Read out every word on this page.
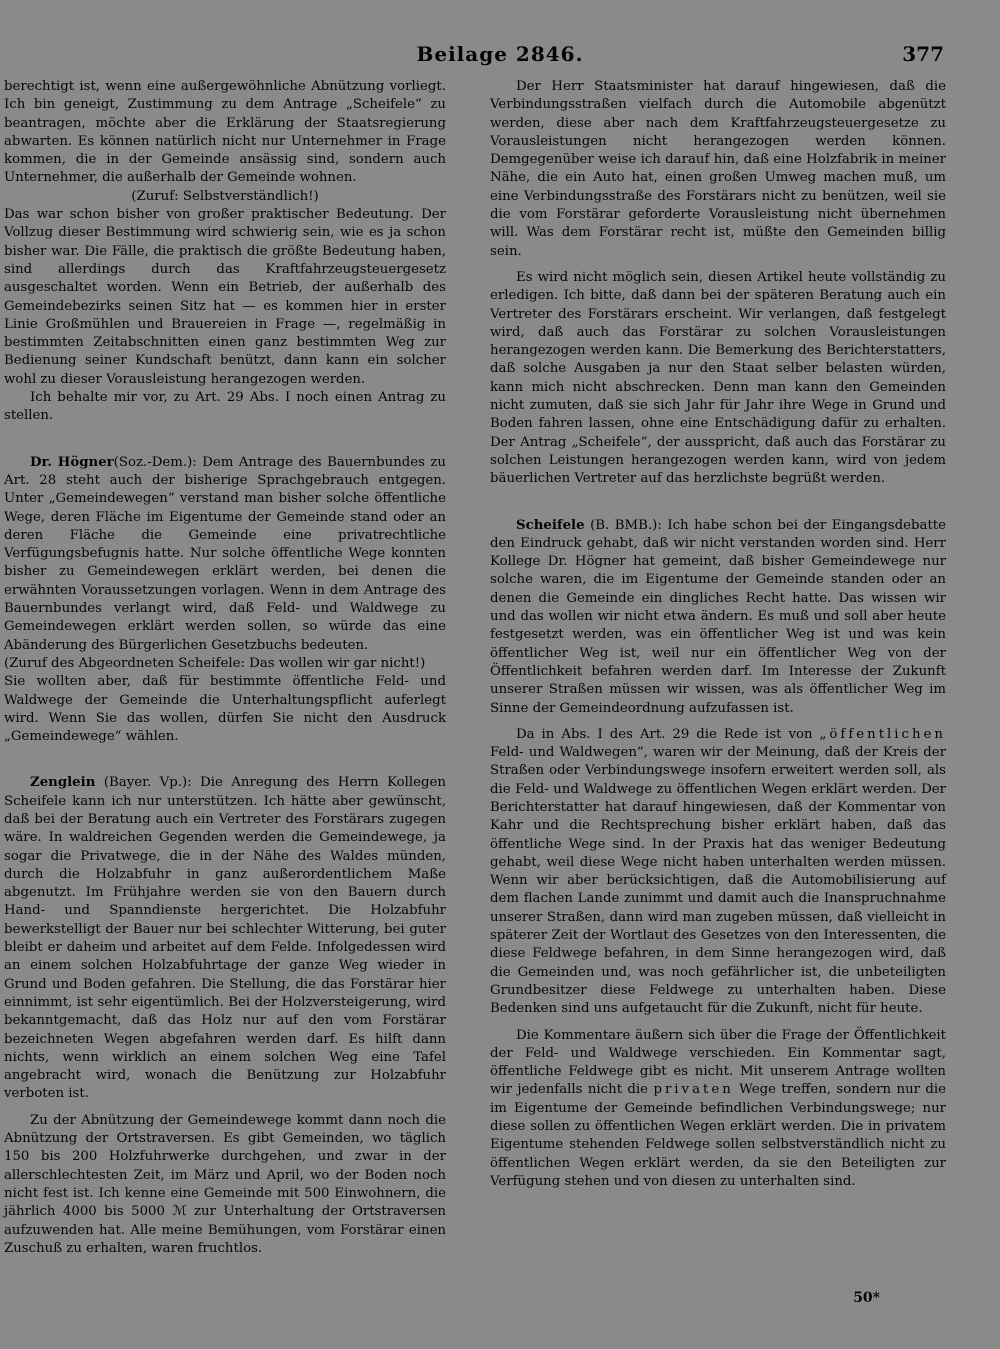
Beilage 2846.	377

berechtigt ist, wenn eine außergewöhnliche Abnützung vorliegt. Ich bin geneigt, Zustimmung zu dem Antrage „Scheifele“ zu beantragen, möchte aber die Erklärung der Staatsregierung abwarten. Es können natürlich nicht nur Unternehmer in Frage kommen, die in der Gemeinde ansässig sind, sondern auch Unternehmer, die außerhalb der Gemeinde wohnen.

(Zuruf: Selbstverständlich!)

Das war schon bisher von großer praktischer Bedeutung. Der Vollzug dieser Bestimmung wird schwierig sein, wie es ja schon bisher war. Die Fälle, die praktisch die größte Bedeutung haben, sind allerdings durch das Kraftfahrzeugsteuergesetz ausgeschaltet worden. Wenn ein Betrieb, der außerhalb des Gemeindebezirks seinen Sitz hat — es kommen hier in erster Linie Großmühlen und Brauereien in Frage —, regelmäßig in bestimmten Zeitabschnitten einen ganz bestimmten Weg zur Bedienung seiner Kundschaft benützt, dann kann ein solcher wohl zu dieser Vorausleistung herangezogen werden.

Ich behalte mir vor, zu Art. 29 Abs. I noch einen Antrag zu stellen.

Dr. Högner(Soz.-Dem.): Dem Antrage des Bauernbundes zu Art. 28 steht auch der bisherige Sprachgebrauch entgegen. Unter „Gemeindewegen“ verstand man bisher solche öffentliche Wege, deren Fläche im Eigentume der Gemeinde stand oder an deren Fläche die Gemeinde eine privatrechtliche Verfügungsbefugnis hatte. Nur solche öffentliche Wege konnten bisher zu Gemeindewegen erklärt werden, bei denen die erwähnten Voraussetzungen vorlagen. Wenn in dem Antrage des Bauernbundes verlangt wird, daß Feld- und Waldwege zu Gemeindewegen erklärt werden sollen, so würde das eine Abänderung des Bürgerlichen Gesetzbuchs bedeuten.

(Zuruf des Abgeordneten Scheifele: Das wollen wir gar nicht!)

Sie wollten aber, daß für bestimmte öffentliche Feld- und Waldwege der Gemeinde die Unterhaltungspflicht auferlegt wird. Wenn Sie das wollen, dürfen Sie nicht den Ausdruck „Gemeindewege“ wählen.

Zenglein (Bayer. Vp.): Die Anregung des Herrn Kollegen Scheifele kann ich nur unterstützen. Ich hätte aber gewünscht, daß bei der Beratung auch ein Vertreter des Forstärars zugegen wäre. In waldreichen Gegenden werden die Gemeindewege, ja sogar die Privatwege, die in der Nähe des Waldes münden, durch die Holzabfuhr in ganz außerordentlichem Maße abgenutzt. Im Frühjahre werden sie von den Bauern durch Hand- und Spanndienste hergerichtet. Die Holzabfuhr bewerkstelligt der Bauer nur bei schlechter Witterung, bei guter bleibt er daheim und arbeitet auf dem Felde. Infolgedessen wird an einem solchen Holzabfuhrtage der ganze Weg wieder in Grund und Boden gefahren. Die Stellung, die das Forstärar hier einnimmt, ist sehr eigentümlich. Bei der Holzversteigerung, wird bekanntgemacht, daß das Holz nur auf den vom Forstärar bezeichneten Wegen abgefahren werden darf. Es hilft dann nichts, wenn wirklich an einem solchen Weg eine Tafel angebracht wird, wonach die Benützung zur Holzabfuhr verboten ist.

Zu der Abnützung der Gemeindewege kommt dann noch die Abnützung der Ortstraversen. Es gibt Gemeinden, wo täglich 150 bis 200 Holzfuhrwerke durchgehen, und zwar in der allerschlechtesten Zeit, im März und April, wo der Boden noch nicht fest ist. Ich kenne eine Gemeinde mit 500 Einwohnern, die jährlich 4000 bis 5000 ℳ zur Unterhaltung der Ortstraversen aufzuwenden hat. Alle meine Bemühungen, vom Forstärar einen Zuschuß zu erhalten, waren fruchtlos.

Der Herr Staatsminister hat darauf hingewiesen, daß die Verbindungsstraßen vielfach durch die Automobile abgenützt werden, diese aber nach dem Kraftfahrzeugsteuergesetze zu Vorausleistungen nicht herangezogen werden können. Demgegenüber weise ich darauf hin, daß eine Holzfabrik in meiner Nähe, die ein Auto hat, einen großen Umweg machen muß, um eine Verbindungsstraße des Forstärars nicht zu benützen, weil sie die vom Forstärar geforderte Vorausleistung nicht übernehmen will. Was dem Forstärar recht ist, müßte den Gemeinden billig sein.

Es wird nicht möglich sein, diesen Artikel heute vollständig zu erledigen. Ich bitte, daß dann bei der späteren Beratung auch ein Vertreter des Forstärars erscheint. Wir verlangen, daß festgelegt wird, daß auch das Forstärar zu solchen Vorausleistungen herangezogen werden kann. Die Bemerkung des Berichterstatters, daß solche Ausgaben ja nur den Staat selber belasten würden, kann mich nicht abschrecken. Denn man kann den Gemeinden nicht zumuten, daß sie sich Jahr für Jahr ihre Wege in Grund und Boden fahren lassen, ohne eine Entschädigung dafür zu erhalten. Der Antrag „Scheifele“, der ausspricht, daß auch das Forstärar zu solchen Leistungen herangezogen werden kann, wird von jedem bäuerlichen Vertreter auf das herzlichste begrüßt werden.

Scheifele (B. BMB.): Ich habe schon bei der Eingangsdebatte den Eindruck gehabt, daß wir nicht verstanden worden sind. Herr Kollege Dr. Högner hat gemeint, daß bisher Gemeindewege nur solche waren, die im Eigentume der Gemeinde standen oder an denen die Gemeinde ein dingliches Recht hatte. Das wissen wir und das wollen wir nicht etwa ändern. Es muß und soll aber heute festgesetzt werden, was ein öffentlicher Weg ist und was kein öffentlicher Weg ist, weil nur ein öffentlicher Weg von der Öffentlichkeit befahren werden darf. Im Interesse der Zukunft unserer Straßen müssen wir wissen, was als öffentlicher Weg im Sinne der Gemeindeordnung aufzufassen ist.

Da in Abs. I des Art. 29 die Rede ist von „öffentlichen Feld- und Waldwegen“, waren wir der Meinung, daß der Kreis der Straßen oder Verbindungswege insofern erweitert werden soll, als die Feld- und Waldwege zu öffentlichen Wegen erklärt werden. Der Berichterstatter hat darauf hingewiesen, daß der Kommentar von Kahr und die Rechtsprechung bisher erklärt haben, daß das öffentliche Wege sind. In der Praxis hat das weniger Bedeutung gehabt, weil diese Wege nicht haben unterhalten werden müssen. Wenn wir aber berücksichtigen, daß die Automobilisierung auf dem flachen Lande zunimmt und damit auch die Inanspruchnahme unserer Straßen, dann wird man zugeben müssen, daß vielleicht in späterer Zeit der Wortlaut des Gesetzes von den Interessenten, die diese Feldwege befahren, in dem Sinne herangezogen wird, daß die Gemeinden und, was noch gefährlicher ist, die unbeteiligten Grundbesitzer diese Feldwege zu unterhalten haben. Diese Bedenken sind uns aufgetaucht für die Zukunft, nicht für heute.

Die Kommentare äußern sich über die Frage der Öffentlichkeit der Feld- und Waldwege verschieden. Ein Kommentar sagt, öffentliche Feldwege gibt es nicht. Mit unserem Antrage wollten wir jedenfalls nicht die privaten Wege treffen, sondern nur die im Eigentume der Gemeinde befindlichen Verbindungswege; nur diese sollen zu öffentlichen Wegen erklärt werden. Die in privatem Eigentume stehenden Feldwege sollen selbstverständlich nicht zu öffentlichen Wegen erklärt werden, da sie den Beteiligten zur Verfügung stehen und von diesen zu unterhalten sind.

50*
